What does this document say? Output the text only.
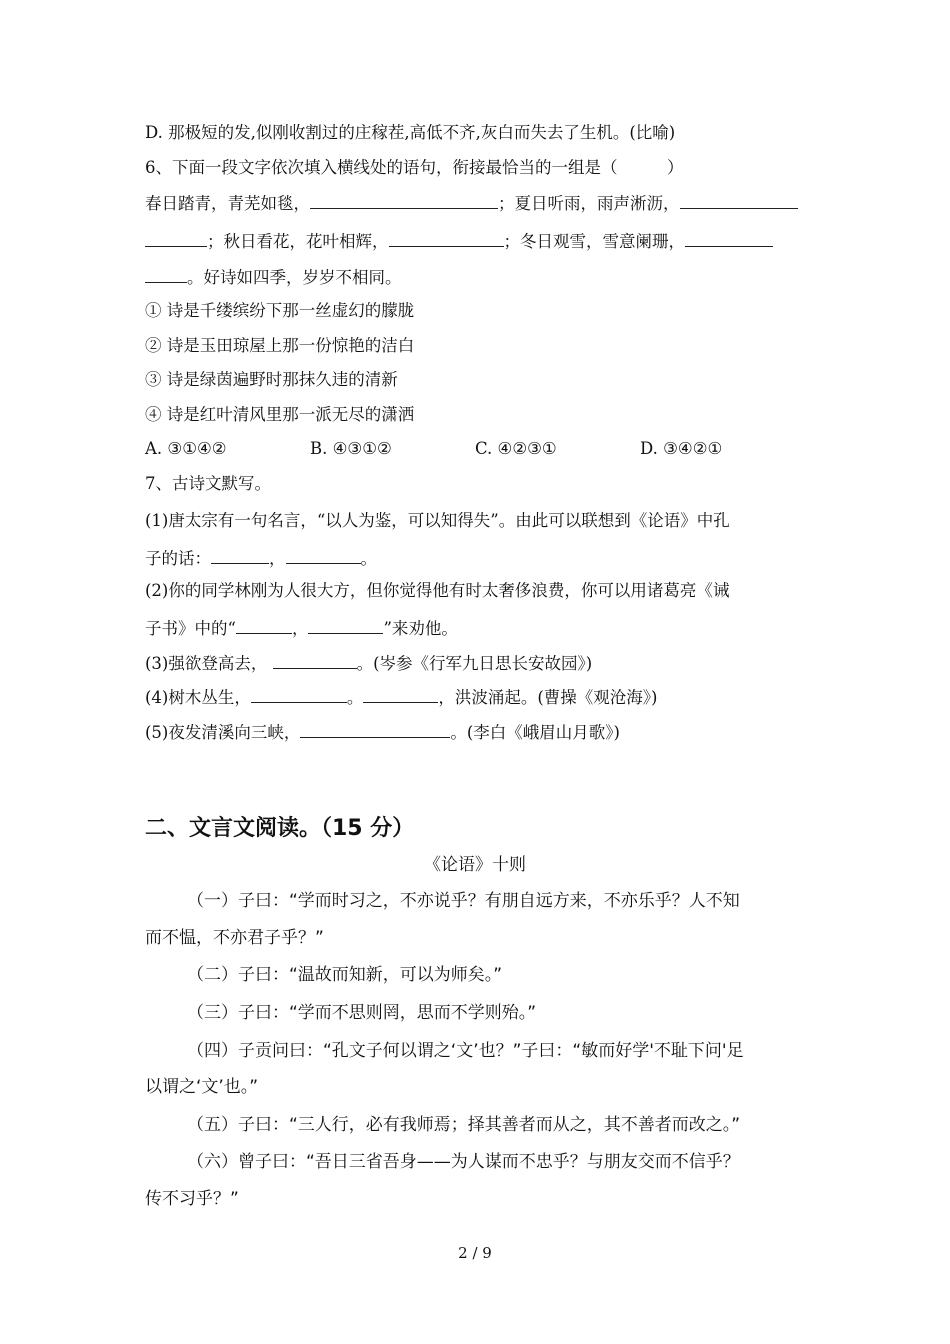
D. 那极短的发,似刚收割过的庄稼茬,高低不齐,灰白而失去了生机。(比喻)
6、下面一段文字依次填入横线处的语句，衔接最恰当的一组是（　　　）
春日踏青，青芜如毯，	；夏日听雨，雨声淅沥，
；秋日看花，花叶相辉，	；冬日观雪，雪意阑珊，
。好诗如四季，岁岁不相同。
① 诗是千缕缤纷下那一丝虚幻的朦胧
② 诗是玉田琼屋上那一份惊艳的洁白
③ 诗是绿茵遍野时那抹久违的清新
④ 诗是红叶清风里那一派无尽的潇洒
A. ③①④②	B. ④③①②	C. ④②③①	D. ③④②①
7、古诗文默写。
(1)唐太宗有一句名言，“以人为鉴，可以知得失”。由此可以联想到《论语》中孔
子的话：	，	。
(2)你的同学林刚为人很大方，但你觉得他有时太奢侈浪费，你可以用诸葛亮《诫
子书》中的“	，	”来劝他。
(3)强欲登高去，	。(岑参《行军九日思长安故园》)
(4)树木丛生，	。	，洪波涌起。(曹操《观沧海》)
(5)夜发清溪向三峡，	。(李白《峨眉山月歌》)
二、文言文阅读。（15 分）
《论语》十则
（一）子曰：“学而时习之，不亦说乎？有朋自远方来，不亦乐乎？人不知
而不愠，不亦君子乎？”
（二）子曰：“温故而知新，可以为师矣。”
（三）子曰：“学而不思则罔，思而不学则殆。”
（四）子贡问曰：“孔文子何以谓之‘文’也？”子曰：“敏而好学'不耻下问'足
以谓之‘文’也。”
（五）子曰：“三人行，必有我师焉；择其善者而从之，其不善者而改之。”
（六）曾子曰：“吾日三省吾身——为人谋而不忠乎？与朋友交而不信乎？
传不习乎？”
2 / 9
